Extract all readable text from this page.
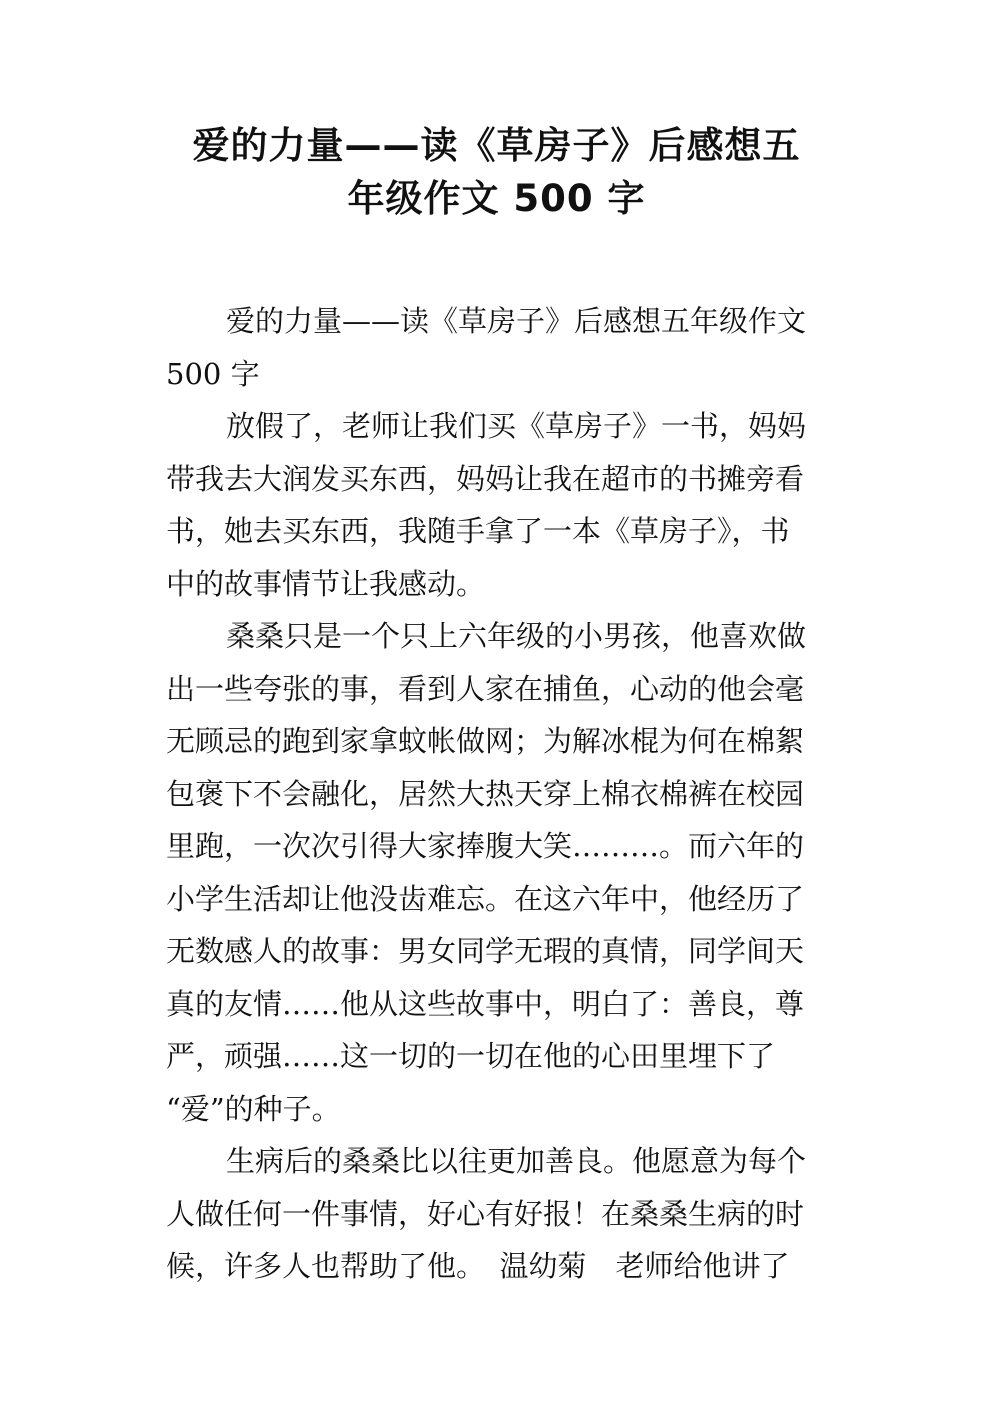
爱的力量——读《草房子》后感想五
年级作文 500 字
爱的力量——读《草房子》后感想五年级作文
500 字
放假了，老师让我们买《草房子》一书，妈妈
带我去大润发买东西，妈妈让我在超市的书摊旁看
书，她去买东西，我随手拿了一本《草房子》，书
中的故事情节让我感动。
桑桑只是一个只上六年级的小男孩，他喜欢做
出一些夸张的事，看到人家在捕鱼，心动的他会毫
无顾忌的跑到家拿蚊帐做网；为解冰棍为何在棉絮
包褒下不会融化，居然大热天穿上棉衣棉裤在校园
里跑，一次次引得大家捧腹大笑………。而六年的
小学生活却让他没齿难忘。在这六年中，他经历了
无数感人的故事：男女同学无瑕的真情，同学间天
真的友情……他从这些故事中，明白了：善良，尊
严，顽强……这一切的一切在他的心田里埋下了
“爱”的种子。
生病后的桑桑比以往更加善良。他愿意为每个
人做任何一件事情，好心有好报！在桑桑生病的时
候，许多人也帮助了他。　温幼菊　老师给他讲了
